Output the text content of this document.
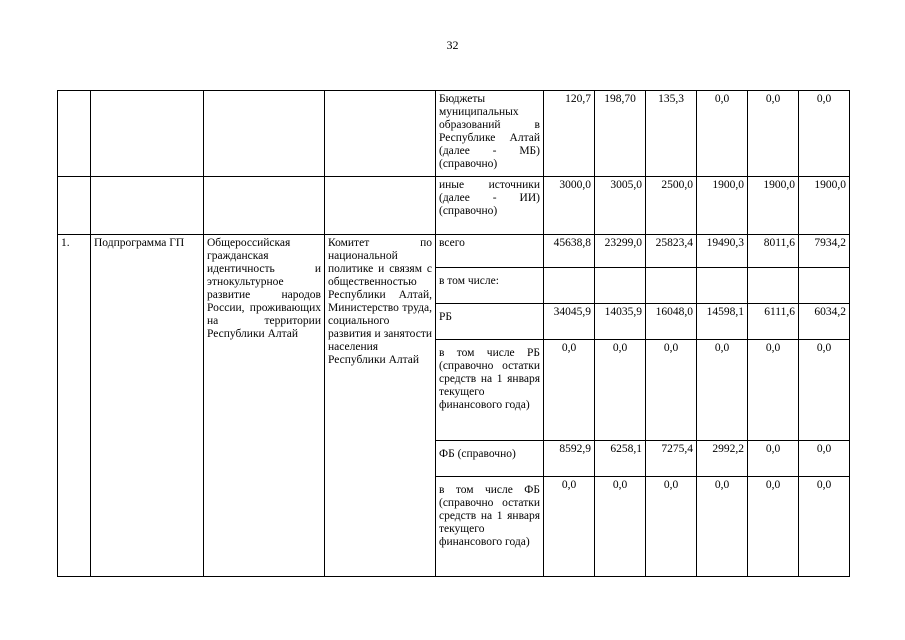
32
				Бюджеты муниципальных образований в Республике Алтай (далее - МБ) (справочно)	120,7	198,70	135,3	0,0	0,0	0,0
				иные источники (далее - ИИ) (справочно)	3000,0	3005,0	2500,0	1900,0	1900,0	1900,0
1.	Подпрограмма ГП	Общероссийская гражданская идентичность и этнокультурное развитие народов России, проживающих на территории Республики Алтай	Комитет по национальной политике и связям с общественностью Республики Алтай, Министерство труда, социального развития и занятости населения Республики Алтай	всего	45638,8	23299,0	25823,4	19490,3	8011,6	7934,2
				в том числе:						
				РБ	34045,9	14035,9	16048,0	14598,1	6111,6	6034,2
				в том числе РБ (справочно остатки средств на 1 января текущего финансового года)	0,0	0,0	0,0	0,0	0,0	0,0
				ФБ (справочно)	8592,9	6258,1	7275,4	2992,2	0,0	0,0
				в том числе ФБ (справочно остатки средств на 1 января текущего финансового года)	0,0	0,0	0,0	0,0	0,0	0,0
